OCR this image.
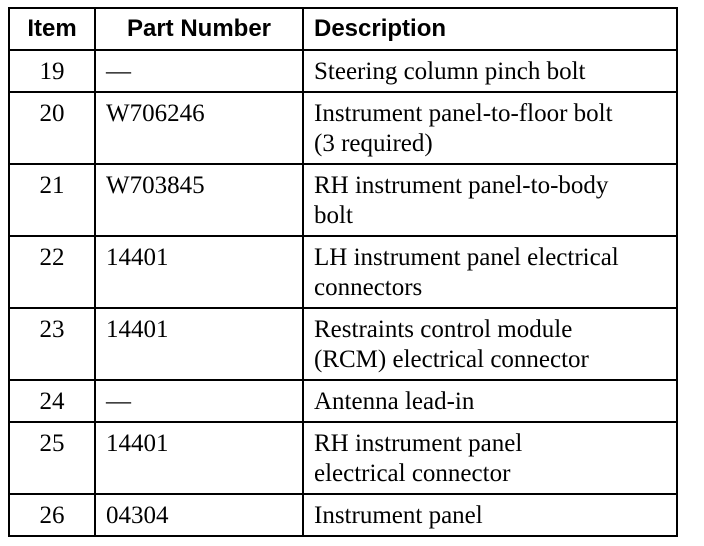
Item	Part Number	Description
19	—	Steering column pinch bolt

20	W706246	Instrument panel-to-floor bolt
(3 required)

21	W703845	RH instrument panel-to-body
bolt

22	14401	LH instrument panel electrical
connectors

23	14401	Restraints control module
(RCM) electrical connector

24	—	Antenna lead-in

25	14401	RH instrument panel
electrical connector

26	04304	Instrument panel
